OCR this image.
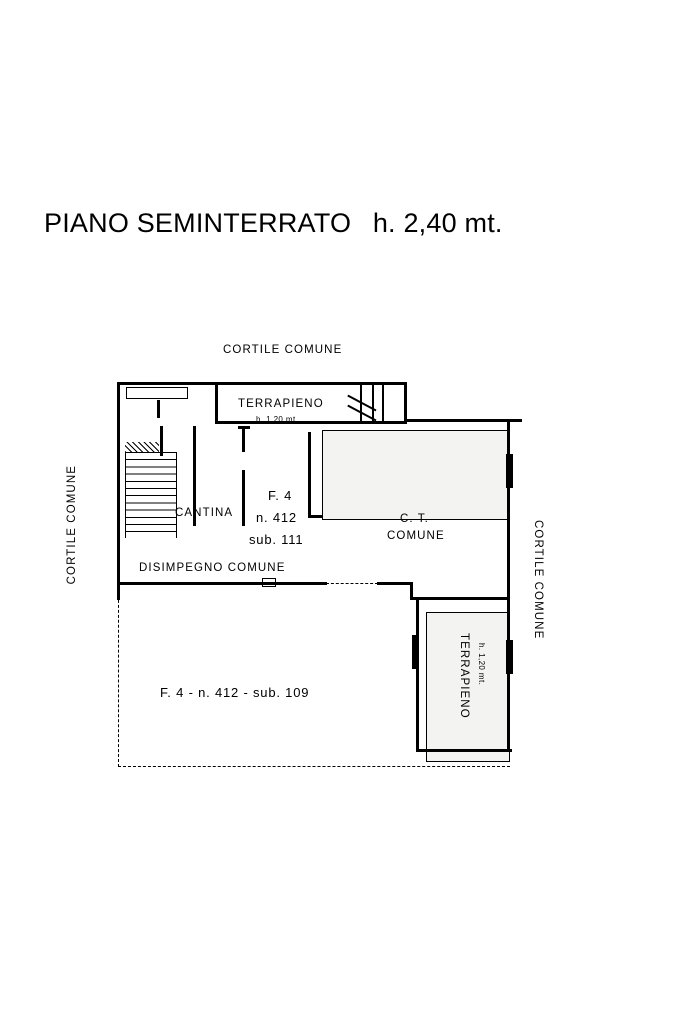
PIANO SEMINTERRATO h. 2,40 mt.
CORTILE COMUNE
CORTILE COMUNE	CORTILE COMUNE
TERRAPIENO
h. 1,20 mt.
CANTINA
F. 4
n. 412
sub. 111
C. T.
COMUNE
DISIMPEGNO COMUNE
F. 4 - n. 412 - sub. 109	TERRAPIENO h. 1,20 mt.
